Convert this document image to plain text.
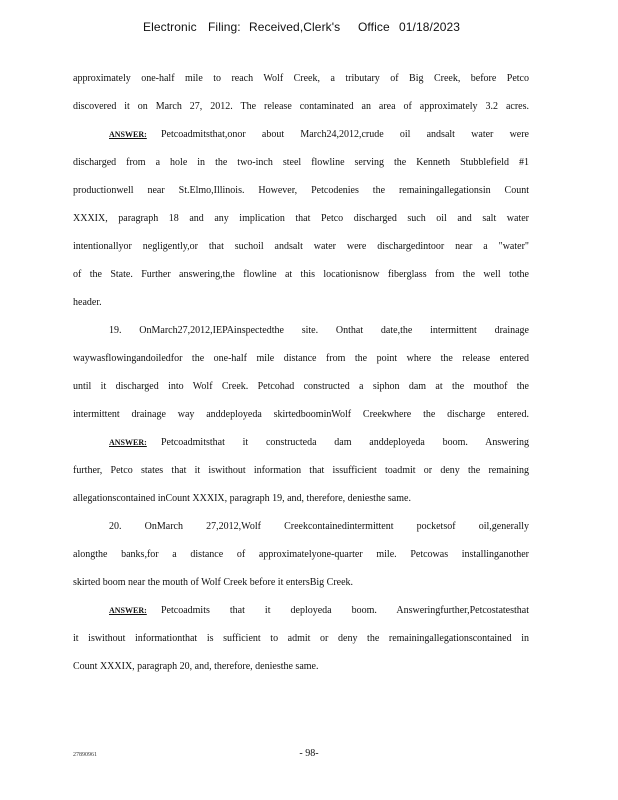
Electronic Filing: Received,Clerk's Office 01/18/2023
approximately one-half mile to reach Wolf Creek, a tributary of Big Creek, before Petco
discovered it on March 27, 2012. The release contaminated an area of approximately 3.2 acres.
ANSWER: Petcoadmitsthat,onor about March24,2012,crude oil andsalt water were
discharged from a hole in the two-inch steel flowline serving the Kenneth Stubblefield #1
productionwell near St.Elmo,Illinois. However, Petcodenies the remainingallegationsin Count
XXXIX, paragraph 18 and any implication that Petco discharged such oil and salt water
intentionallyor negligently,or that suchoil andsalt water were dischargedintoor near a "water"
of the State. Further answering,the flowline at this locationisnow fiberglass from the well tothe
header.
19. OnMarch27,2012,IEPAinspectedthe site. Onthat date,the intermittent drainage
waywasflowingandoiledfor the one-half mile distance from the point where the release entered
until it discharged into Wolf Creek. Petcohad constructed a siphon dam at the mouthof the
intermittent drainage way anddeployeda skirtedboominWolf Creekwhere the discharge entered.
ANSWER: Petcoadmitsthat it constructeda dam anddeployeda boom. Answering
further, Petco states that it iswithout information that issufficient toadmit or deny the remaining
allegationscontained inCount XXXIX, paragraph 19, and, therefore, deniesthe same.
20. OnMarch 27,2012,Wolf Creekcontainedintermittent pocketsof oil,generally
alongthe banks,for a distance of approximatelyone-quarter mile. Petcowas installinganother
skirted boom near the mouth of Wolf Creek before it entersBig Creek.
ANSWER: Petcoadmits that it deployeda boom. Answeringfurther,Petcostatesthat
it iswithout informationthat is sufficient to admit or deny the remainingallegationscontained in
Count XXXIX, paragraph 20, and, therefore, deniesthe same.
27890961	- 98-
